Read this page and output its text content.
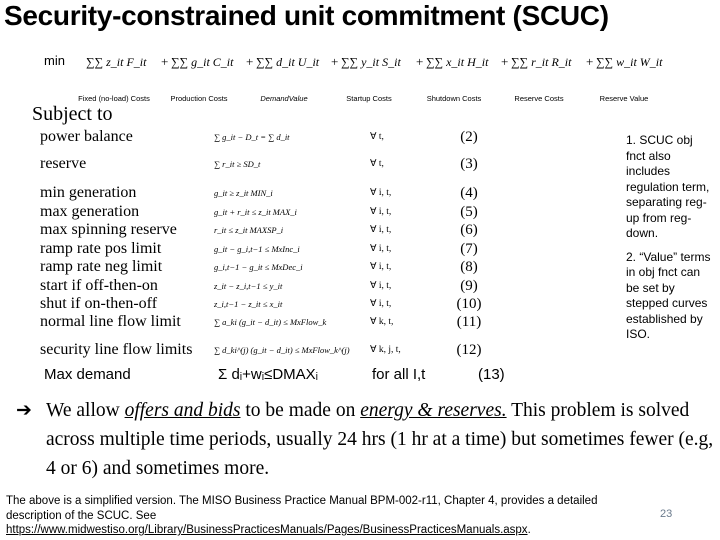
Security-constrained unit commitment (SCUC)
min ∑∑ z_it F_it
Fixed (no-load) Costs
+ ∑∑ g_it C_it
Production Costs
+ ∑∑ d_it U_it
DemandValue
+ ∑∑ y_it S_it
Startup Costs
+ ∑∑ x_it H_it
Shutdown Costs
+ ∑∑ r_it R_it
Reserve Costs
+ ∑∑ w_it W_it
Reserve Value
Subject to
power balance	∑ g_it − D_t = ∑ d_it	∀ t,	(2)
reserve	∑ r_it ≥ SD_t	∀ t,	(3)
min generation	g_it ≥ z_it MIN_i	∀ i, t,	(4)
max generation	g_it + r_it ≤ z_it MAX_i	∀ i, t,	(5)
max spinning reserve	r_it ≤ z_it MAXSP_i	∀ i, t,	(6)
ramp rate pos limit	g_it − g_i,t−1 ≤ MxInc_i	∀ i, t,	(7)
ramp rate neg limit	g_i,t−1 − g_it ≤ MxDec_i	∀ i, t,	(8)
start if off-then-on	z_it − z_i,t−1 ≤ y_it	∀ i, t,	(9)
shut if on-then-off	z_i,t−1 − z_it ≤ x_it	∀ i, t,	(10)
normal line flow limit	∑ a_ki (g_it − d_it) ≤ MxFlow_k	∀ k, t,	(11)
security line flow limits	∑ d_ki^(j) (g_it − d_it) ≤ MxFlow_k^(j) ∀ k, j, t,	(12)
Max demand	Σ dᵢ+wᵢ≤DMAXᵢ	for all I,t	(13)

1. SCUC obj fnct also includes regulation term, separating reg-up from reg-down.

2. “Value” terms in obj fnct can be set by stepped curves established by ISO.

➔ We allow offers and bids to be made on energy & reserves. This problem is solved across multiple time periods, usually 24 hrs (1 hr at a time) but sometimes fewer (e.g, 4 or 6) and sometimes more.
The above is a simplified version. The MISO Business Practice Manual BPM-002-r11, Chapter 4, provides a detailed description of the SCUC. See
https://www.midwestiso.org/Library/BusinessPracticesManuals/Pages/BusinessPracticesManuals.aspx.
23
